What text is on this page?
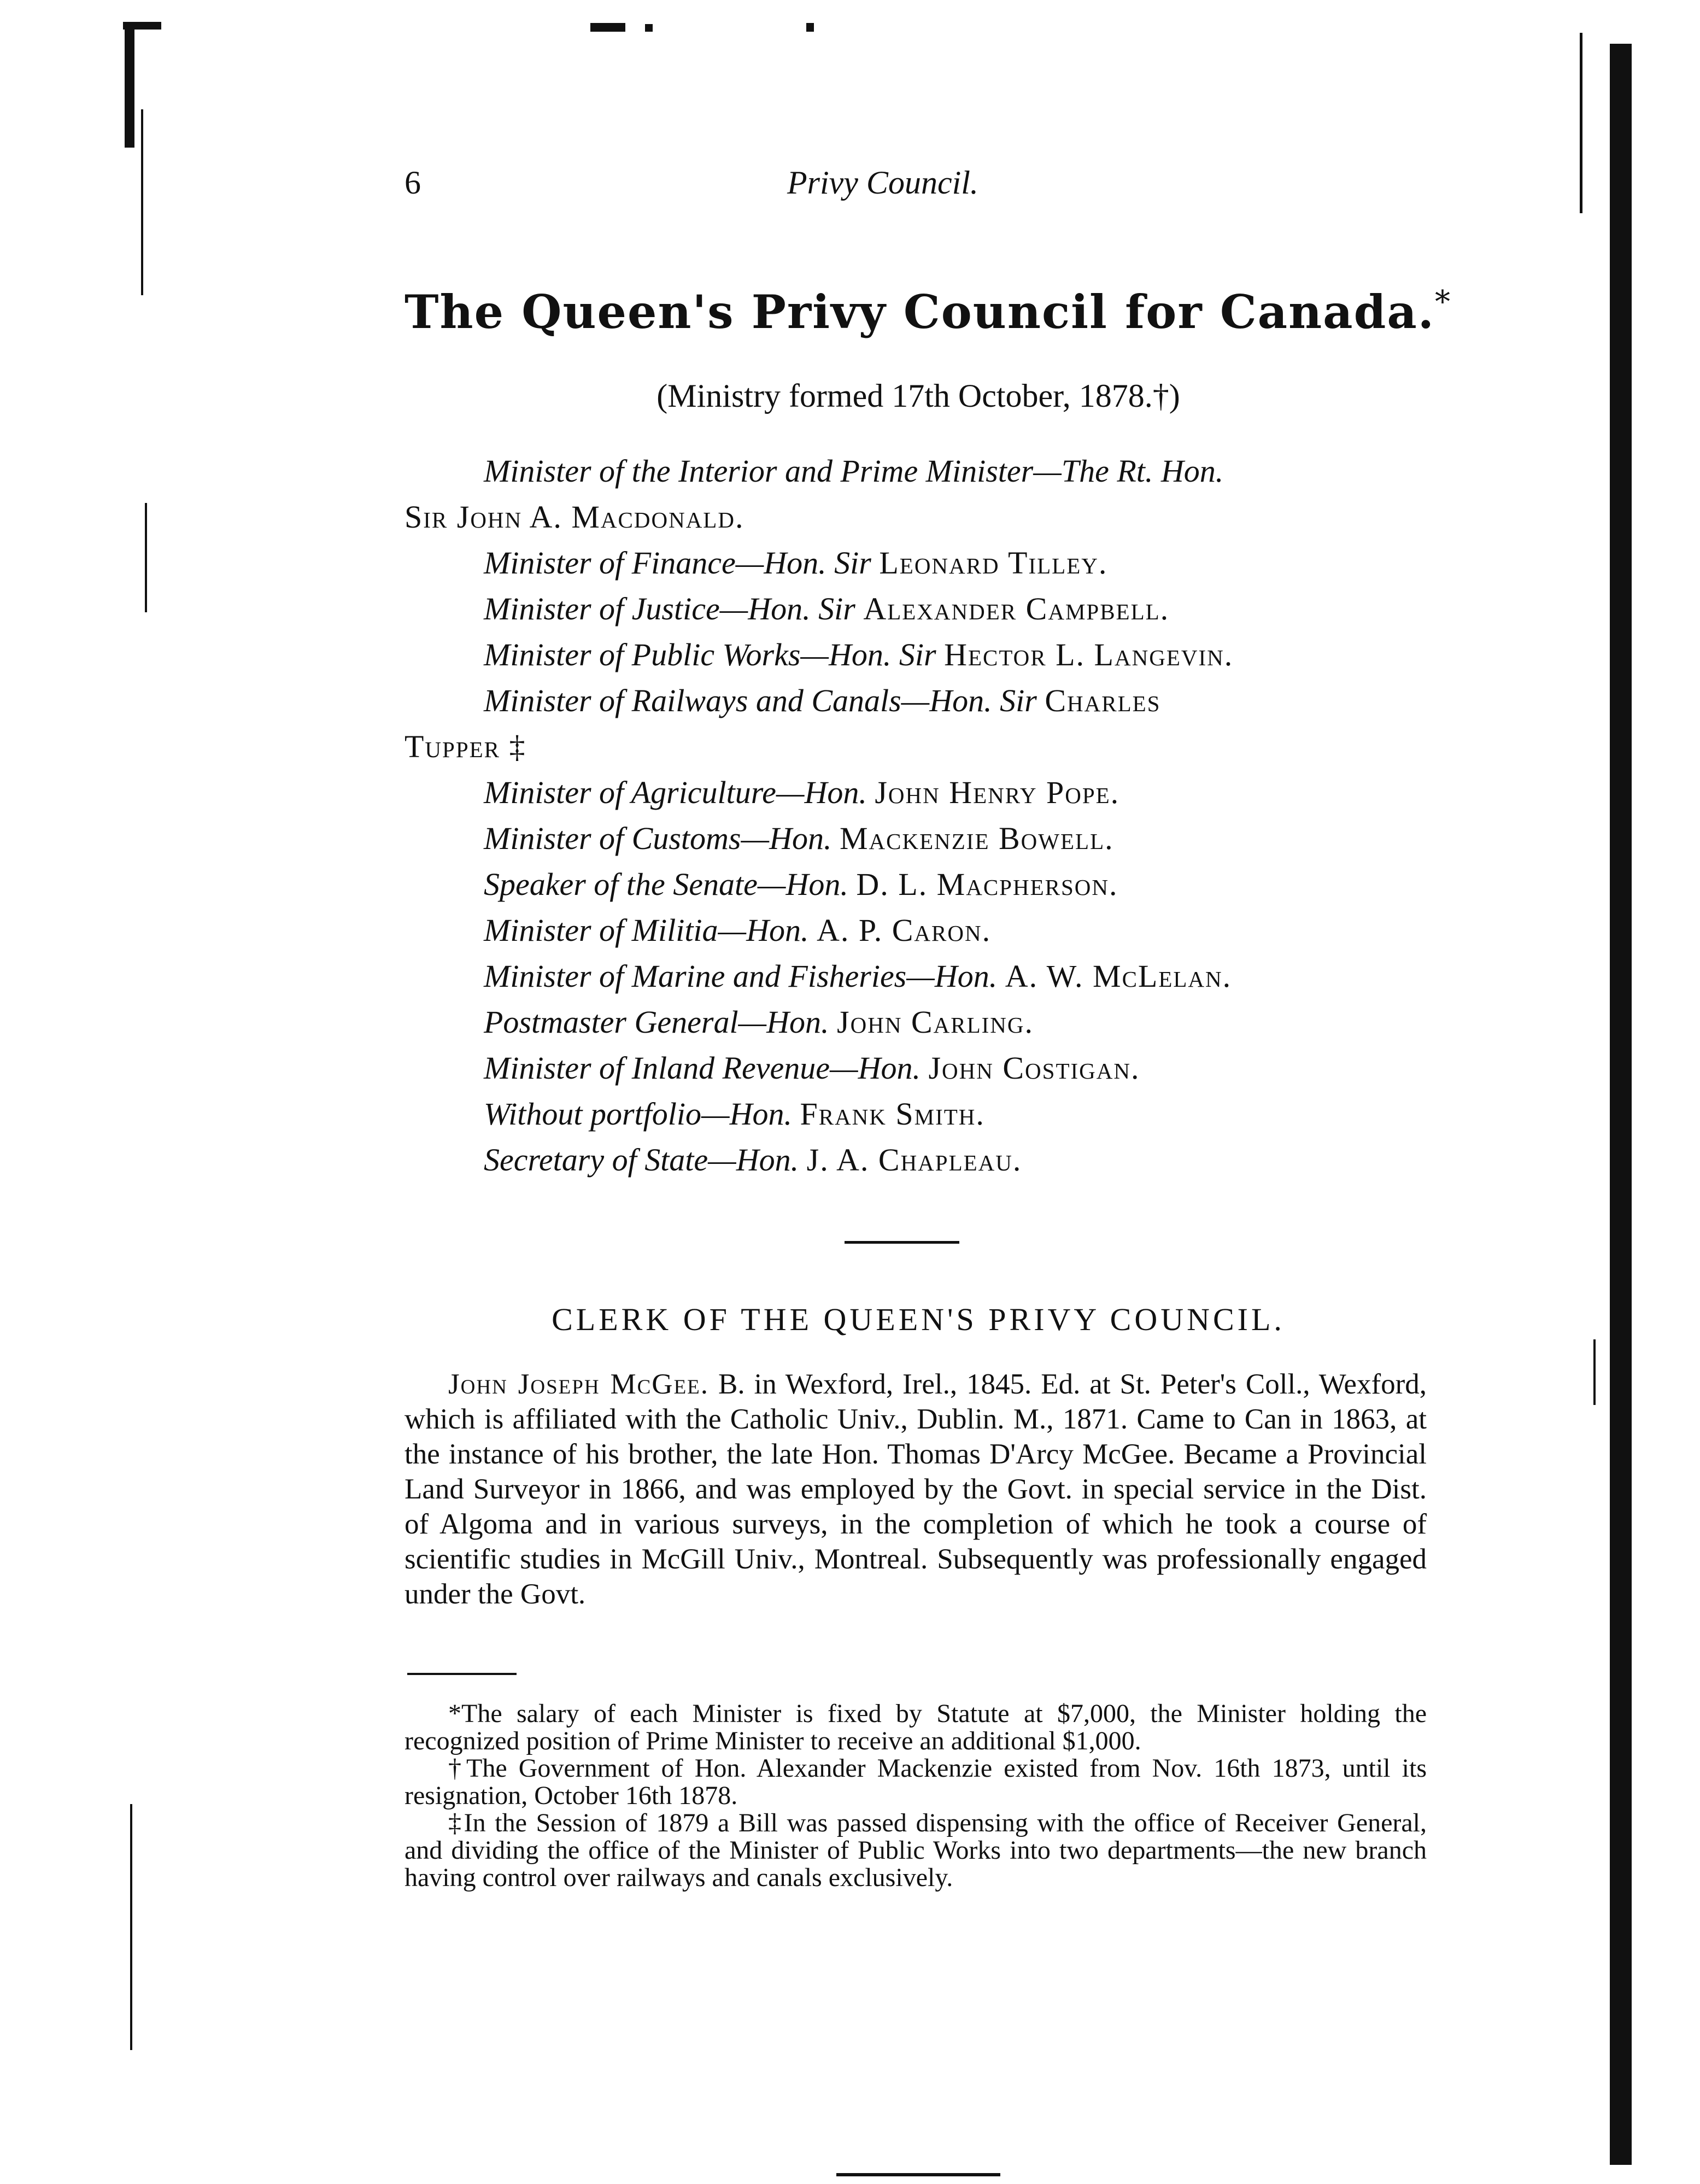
6	Privy Council.
The Queen's Privy Council for Canada.*
(Ministry formed 17th October, 1878.†)
Minister of the Interior and Prime Minister—The Rt. Hon.
Sir John A. Macdonald.
Minister of Finance—Hon. Sir Leonard Tilley.
Minister of Justice—Hon. Sir Alexander Campbell.
Minister of Public Works—Hon. Sir Hector L. Langevin.
Minister of Railways and Canals—Hon. Sir Charles
Tupper ‡
Minister of Agriculture—Hon. John Henry Pope.
Minister of Customs—Hon. Mackenzie Bowell.
Speaker of the Senate—Hon. D. L. Macpherson.
Minister of Militia—Hon. A. P. Caron.
Minister of Marine and Fisheries—Hon. A. W. McLelan.
Postmaster General—Hon. John Carling.
Minister of Inland Revenue—Hon. John Costigan.
Without portfolio—Hon. Frank Smith.
Secretary of State—Hon. J. A. Chapleau.
CLERK OF THE QUEEN'S PRIVY COUNCIL.
John Joseph McGee. B. in Wexford, Irel., 1845. Ed. at St. Peter's Coll., Wexford, which is affiliated with the Catholic Univ., Dublin. M., 1871. Came to Can in 1863, at the instance of his brother, the late Hon. Thomas D'Arcy McGee. Became a Provincial Land Surveyor in 1866, and was employed by the Govt. in special service in the Dist. of Algoma and in various surveys, in the completion of which he took a course of scientific studies in McGill Univ., Montreal. Subsequently was professionally engaged under the Govt.

*The salary of each Minister is fixed by Statute at $7,000, the Minister holding the recognized position of Prime Minister to receive an additional $1,000.

†The Government of Hon. Alexander Mackenzie existed from Nov. 16th 1873, until its resignation, October 16th 1878.

‡In the Session of 1879 a Bill was passed dispensing with the office of Receiver General, and dividing the office of the Minister of Public Works into two departments—the new branch having control over railways and canals exclusively.
